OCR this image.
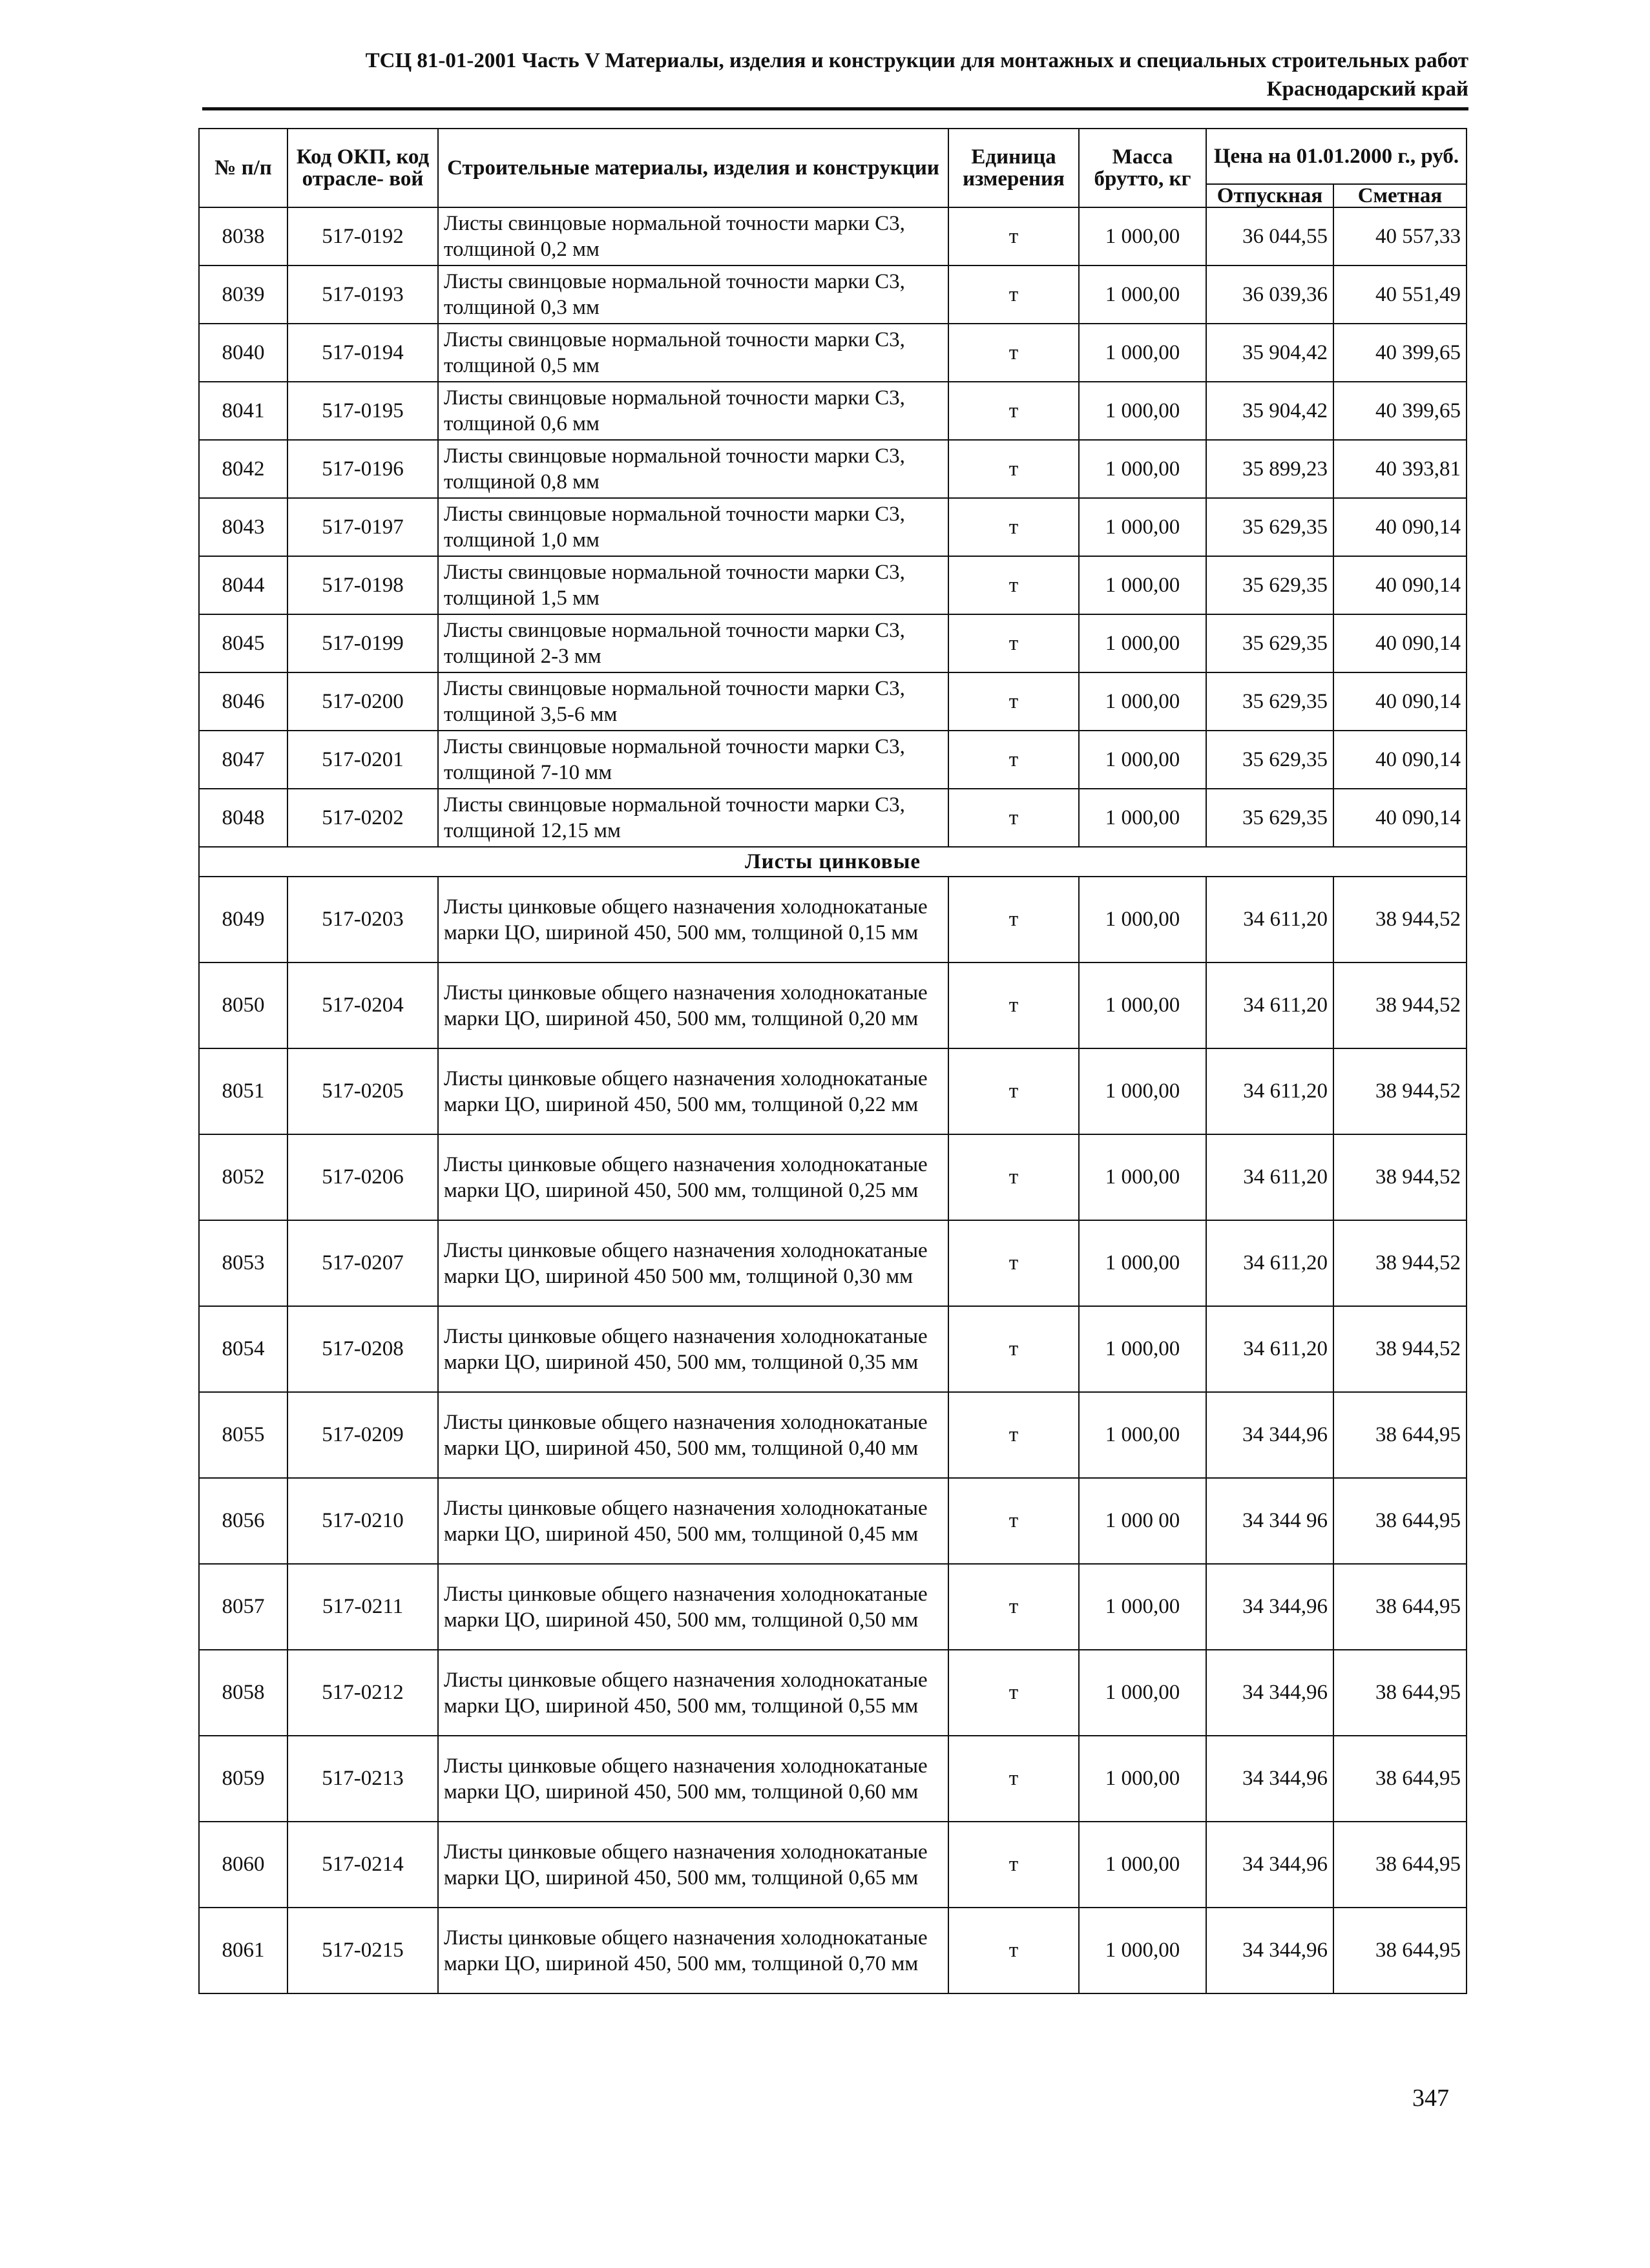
ТСЦ 81-01-2001 Часть V Материалы, изделия и конструкции для монтажных и специальных строительных работ
Краснодарский край
№ п/п	Код ОКП, код отрасле- вой	Строительные материалы, изделия и конструкции	Единица измерения	Масса брутто, кг	Цена на 01.01.2000 г., руб.	
					Отпускная	Сметная
8038	517-0192	Листы свинцовые нормальной точности марки С3, толщиной 0,2 мм	т	1 000,00	36 044,55	40 557,33
8039	517-0193	Листы свинцовые нормальной точности марки С3, толщиной 0,3 мм	т	1 000,00	36 039,36	40 551,49
8040	517-0194	Листы свинцовые нормальной точности марки С3, толщиной 0,5 мм	т	1 000,00	35 904,42	40 399,65
8041	517-0195	Листы свинцовые нормальной точности марки С3, толщиной 0,6 мм	т	1 000,00	35 904,42	40 399,65
8042	517-0196	Листы свинцовые нормальной точности марки С3, толщиной 0,8 мм	т	1 000,00	35 899,23	40 393,81
8043	517-0197	Листы свинцовые нормальной точности марки С3, толщиной 1,0 мм	т	1 000,00	35 629,35	40 090,14
8044	517-0198	Листы свинцовые нормальной точности марки С3, толщиной 1,5 мм	т	1 000,00	35 629,35	40 090,14
8045	517-0199	Листы свинцовые нормальной точности марки С3, толщиной 2-3 мм	т	1 000,00	35 629,35	40 090,14
8046	517-0200	Листы свинцовые нормальной точности марки С3, толщиной 3,5-6 мм	т	1 000,00	35 629,35	40 090,14
8047	517-0201	Листы свинцовые нормальной точности марки С3, толщиной 7-10 мм	т	1 000,00	35 629,35	40 090,14
8048	517-0202	Листы свинцовые нормальной точности марки С3, толщиной 12,15 мм	т	1 000,00	35 629,35	40 090,14
Листы цинковые						
8049	517-0203	Листы цинковые общего назначения холоднокатаные марки ЦО, шириной 450, 500 мм, толщиной 0,15 мм	т	1 000,00	34 611,20	38 944,52
8050	517-0204	Листы цинковые общего назначения холоднокатаные марки ЦО, шириной 450, 500 мм, толщиной 0,20 мм	т	1 000,00	34 611,20	38 944,52
8051	517-0205	Листы цинковые общего назначения холоднокатаные марки ЦО, шириной 450, 500 мм, толщиной 0,22 мм	т	1 000,00	34 611,20	38 944,52
8052	517-0206	Листы цинковые общего назначения холоднокатаные марки ЦО, шириной 450, 500 мм, толщиной 0,25 мм	т	1 000,00	34 611,20	38 944,52
8053	517-0207	Листы цинковые общего назначения холоднокатаные марки ЦО, шириной 450 500 мм, толщиной 0,30 мм	т	1 000,00	34 611,20	38 944,52
8054	517-0208	Листы цинковые общего назначения холоднокатаные марки ЦО, шириной 450, 500 мм, толщиной 0,35 мм	т	1 000,00	34 611,20	38 944,52
8055	517-0209	Листы цинковые общего назначения холоднокатаные марки ЦО, шириной 450, 500 мм, толщиной 0,40 мм	т	1 000,00	34 344,96	38 644,95
8056	517-0210	Листы цинковые общего назначения холоднокатаные марки ЦО, шириной 450, 500 мм, толщиной 0,45 мм	т	1 000 00	34 344 96	38 644,95
8057	517-0211	Листы цинковые общего назначения холоднокатаные марки ЦО, шириной 450, 500 мм, толщиной 0,50 мм	т	1 000,00	34 344,96	38 644,95
8058	517-0212	Листы цинковые общего назначения холоднокатаные марки ЦО, шириной 450, 500 мм, толщиной 0,55 мм	т	1 000,00	34 344,96	38 644,95
8059	517-0213	Листы цинковые общего назначения холоднокатаные марки ЦО, шириной 450, 500 мм, толщиной 0,60 мм	т	1 000,00	34 344,96	38 644,95
8060	517-0214	Листы цинковые общего назначения холоднокатаные марки ЦО, шириной 450, 500 мм, толщиной 0,65 мм	т	1 000,00	34 344,96	38 644,95
8061	517-0215	Листы цинковые общего назначения холоднокатаные марки ЦО, шириной 450, 500 мм, толщиной 0,70 мм	т	1 000,00	34 344,96	38 644,95
347
